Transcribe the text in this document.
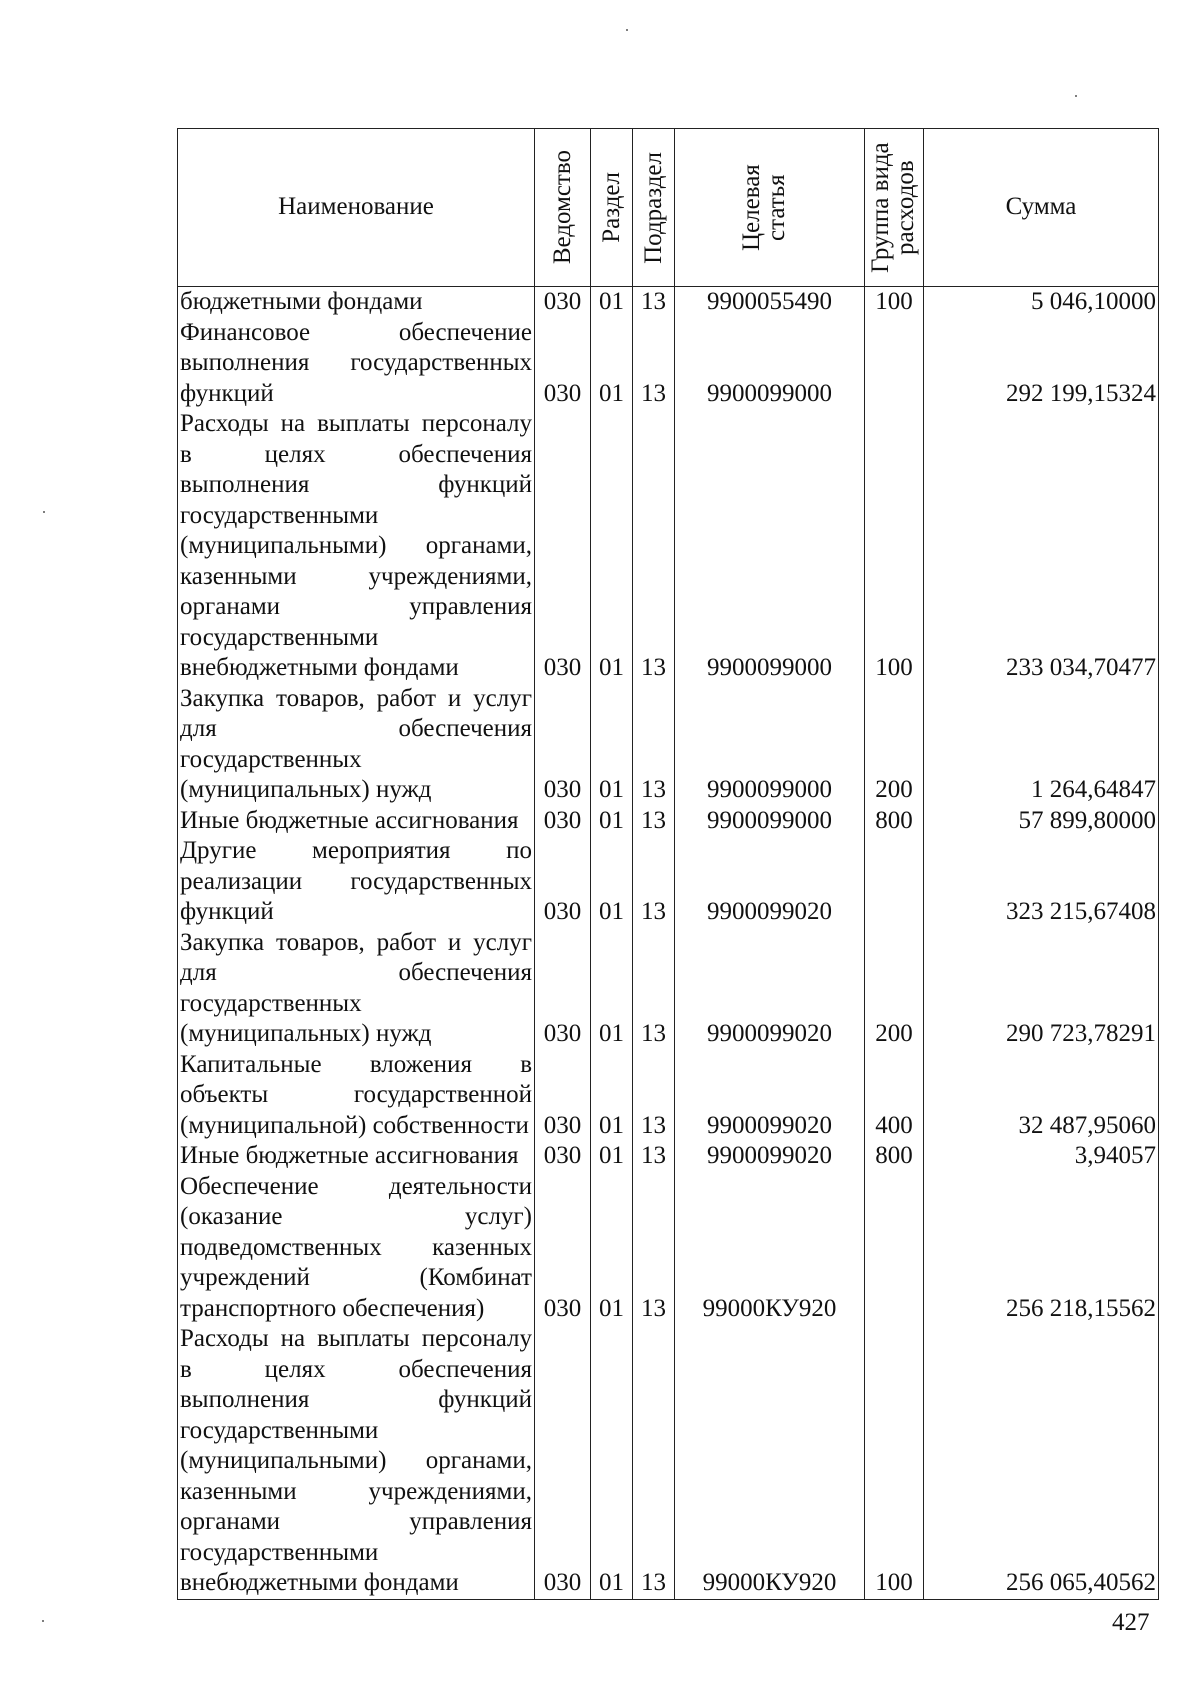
Наименование	Ведомство	Раздел	Подраздел	Целевая статья	Группа вида расходов	Сумма
бюджетными фондами	030	01	13	9900055490	100	5 046,10000
Финансовое обеспечение выполнения государственных функций	030	01	13	9900099000		292 199,15324
Расходы на выплаты персоналу в целях обеспечения выполнения функций государственными (муниципальными) органами, казенными учреждениями, органами управления государственными внебюджетными фондами	030	01	13	9900099000	100	233 034,70477
Закупка товаров, работ и услуг для обеспечения государственных (муниципальных) нужд	030	01	13	9900099000	200	1 264,64847
Иные бюджетные ассигнования	030	01	13	9900099000	800	57 899,80000
Другие мероприятия по реализации государственных функций	030	01	13	9900099020		323 215,67408
Закупка товаров, работ и услуг для обеспечения государственных (муниципальных) нужд	030	01	13	9900099020	200	290 723,78291
Капитальные вложения в объекты государственной (муниципальной) собственности	030	01	13	9900099020	400	32 487,95060
Иные бюджетные ассигнования	030	01	13	9900099020	800	3,94057
Обеспечение деятельности (оказание услуг) подведомственных казенных учреждений (Комбинат транспортного обеспечения)	030	01	13	99000КУ920		256 218,15562
Расходы на выплаты персоналу в целях обеспечения выполнения функций государственными (муниципальными) органами, казенными учреждениями, органами управления государственными внебюджетными фондами	030	01	13	99000КУ920	100	256 065,40562
427
